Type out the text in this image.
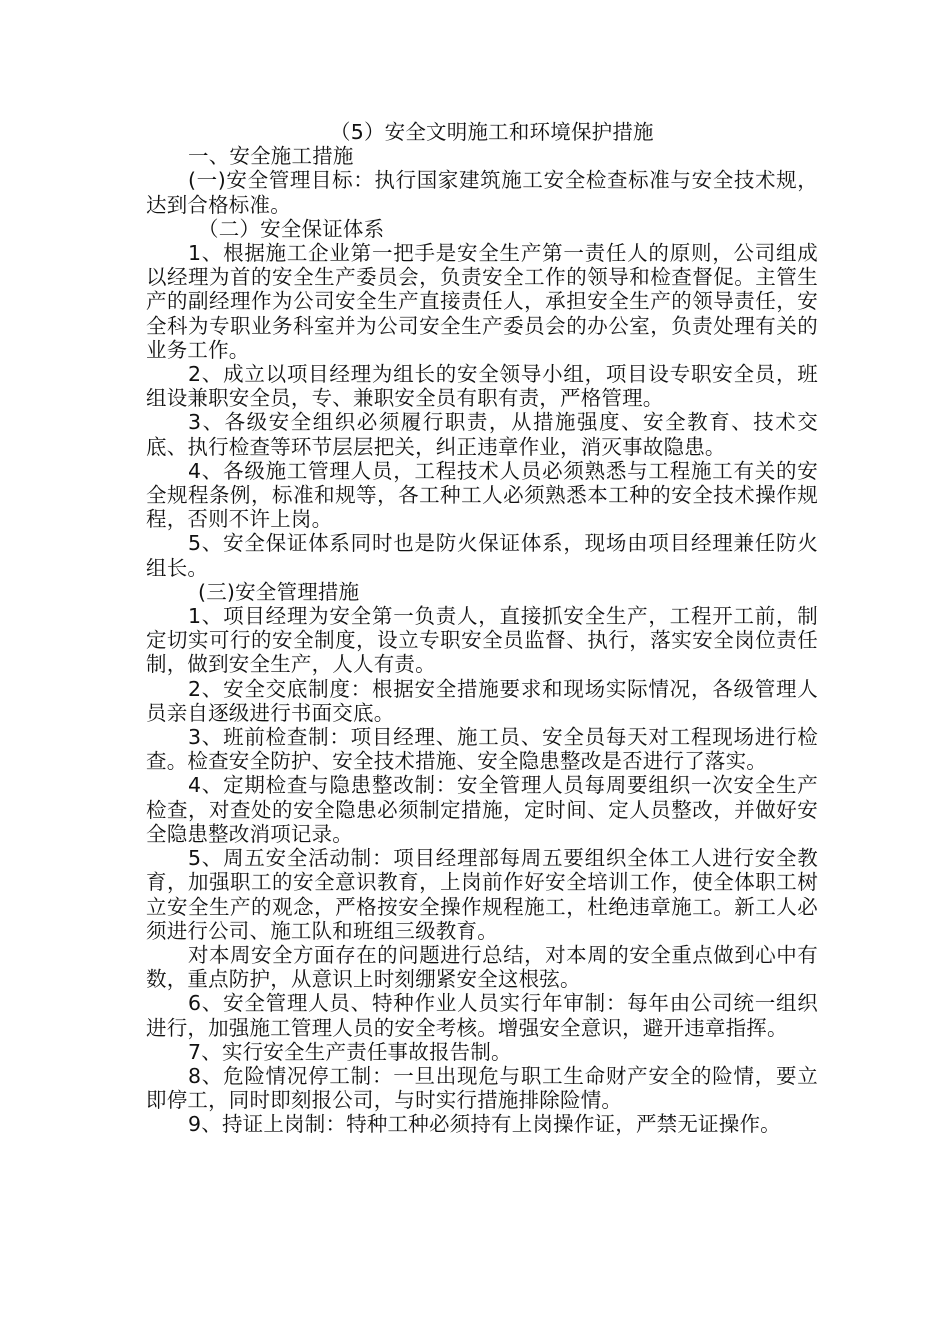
（5）安全文明施工和环境保护措施

一、安全施工措施

(一)安全管理目标：执行国家建筑施工安全检查标准与安全技术规，达到合格标准。

（二）安全保证体系

1、根据施工企业第一把手是安全生产第一责任人的原则，公司组成以经理为首的安全生产委员会，负责安全工作的领导和检查督促。主管生产的副经理作为公司安全生产直接责任人，承担安全生产的领导责任，安全科为专职业务科室并为公司安全生产委员会的办公室，负责处理有关的业务工作。

2、成立以项目经理为组长的安全领导小组，项目设专职安全员，班组设兼职安全员，专、兼职安全员有职有责，严格管理。

3、各级安全组织必须履行职责，从措施强度、安全教育、技术交底、执行检查等环节层层把关，纠正违章作业，消灭事故隐患。

4、各级施工管理人员，工程技术人员必须熟悉与工程施工有关的安全规程条例，标准和规等，各工种工人必须熟悉本工种的安全技术操作规程，否则不许上岗。

5、安全保证体系同时也是防火保证体系，现场由项目经理兼任防火组长。

(三)安全管理措施

1、项目经理为安全第一负责人，直接抓安全生产，工程开工前，制定切实可行的安全制度，设立专职安全员监督、执行，落实安全岗位责任制，做到安全生产，人人有责。

2、安全交底制度：根据安全措施要求和现场实际情况，各级管理人员亲自逐级进行书面交底。

3、班前检查制：项目经理、施工员、安全员每天对工程现场进行检查。检查安全防护、安全技术措施、安全隐患整改是否进行了落实。

4、定期检查与隐患整改制：安全管理人员每周要组织一次安全生产检查，对查处的安全隐患必须制定措施，定时间、定人员整改，并做好安全隐患整改消项记录。

5、周五安全活动制：项目经理部每周五要组织全体工人进行安全教育，加强职工的安全意识教育，上岗前作好安全培训工作，使全体职工树立安全生产的观念，严格按安全操作规程施工，杜绝违章施工。新工人必须进行公司、施工队和班组三级教育。

对本周安全方面存在的问题进行总结，对本周的安全重点做到心中有数，重点防护，从意识上时刻绷紧安全这根弦。

6、安全管理人员、特种作业人员实行年审制：每年由公司统一组织进行，加强施工管理人员的安全考核。增强安全意识，避开违章指挥。

7、实行安全生产责任事故报告制。

8、危险情况停工制：一旦出现危与职工生命财产安全的险情，要立即停工，同时即刻报公司，与时实行措施排除险情。

9、持证上岗制：特种工种必须持有上岗操作证，严禁无证操作。
